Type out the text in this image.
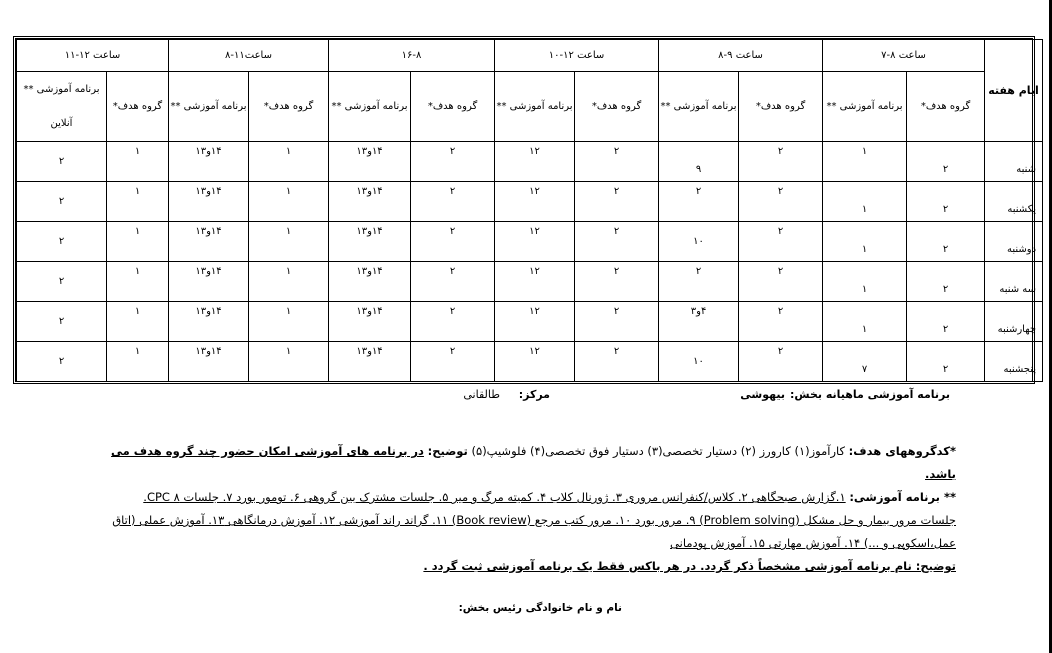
ایام هفته	ساعت ۸-۷		ساعت ۹-۸		ساعت ۱۲-۱۰		۱۶-۸		ساعت۱۱-۸		ساعت ۱۲-۱۱	
	گروه هدف*	برنامه آموزشی **	گروه هدف*	برنامه آموزشی **	گروه هدف*	برنامه آموزشی **	گروه هدف*	برنامه آموزشی **	گروه هدف*	برنامه آموزشی **	گروه هدف*	برنامه آموزشی **
آنلاین

شنبه	۲	۱	۲	۹	۲	۱۲	۲	۱۴و۱۳	۱	۱۴و۱۳	۱	۲
یکشنبه	۲	۱	۲	۲	۲	۱۲	۲	۱۴و۱۳	۱	۱۴و۱۳	۱	۲
دوشنبه	۲	۱	۲	۱۰	۲	۱۲	۲	۱۴و۱۳	۱	۱۴و۱۳	۱	۲
سه شنبه	۲	۱	۲	۲	۲	۱۲	۲	۱۴و۱۳	۱	۱۴و۱۳	۱	۲
چهارشنبه	۲	۱	۲	۴و۳	۲	۱۲	۲	۱۴و۱۳	۱	۱۴و۱۳	۱	۲
پنجشنبه	۲	۷	۲	۱۰	۲	۱۲	۲	۱۴و۱۳	۱	۱۴و۱۳	۱	۲
برنامه آموزشی ماهیانه بخش:
بیهوشی
مرکز:
طالقانی
*کدگروههای هدف: کارآموز(۱) کارورز (۲) دستیار تخصصی(۳) دستیار فوق تخصصی(۴) فلوشیپ(۵) توضیح: در برنامه های آموزشی امکان حضور چند گروه هدف می باشد.
** برنامه آموزشی: ۱.گزارش صبحگاهی ۲. کلاس/کنفرانس مروری ۳. ژورنال کلاب ۴. کمیته مرگ و میر ۵. جلسات مشترک بین گروهی ۶. تومور بورد ۷. جلسات CPC ۸.
جلسات مرور بیمار و حل مشکل (Problem solving) ۹. مرور بورد ۱۰. مرور کتب مرجع (Book review) ۱۱. گراند راند آموزشی ۱۲. آموزش درمانگاهی ۱۳. آموزش عملی (اتاق
عمل،اسکوپی و ...) ۱۴. آموزش مهارتی ۱۵. آموزش پودمانی
توضیح: نام برنامه آموزشی مشخصاً ذکر گردد. در هر باکس فقط یک برنامه آموزشی ثبت گردد .
نام و نام خانوادگی رئیس بخش:
